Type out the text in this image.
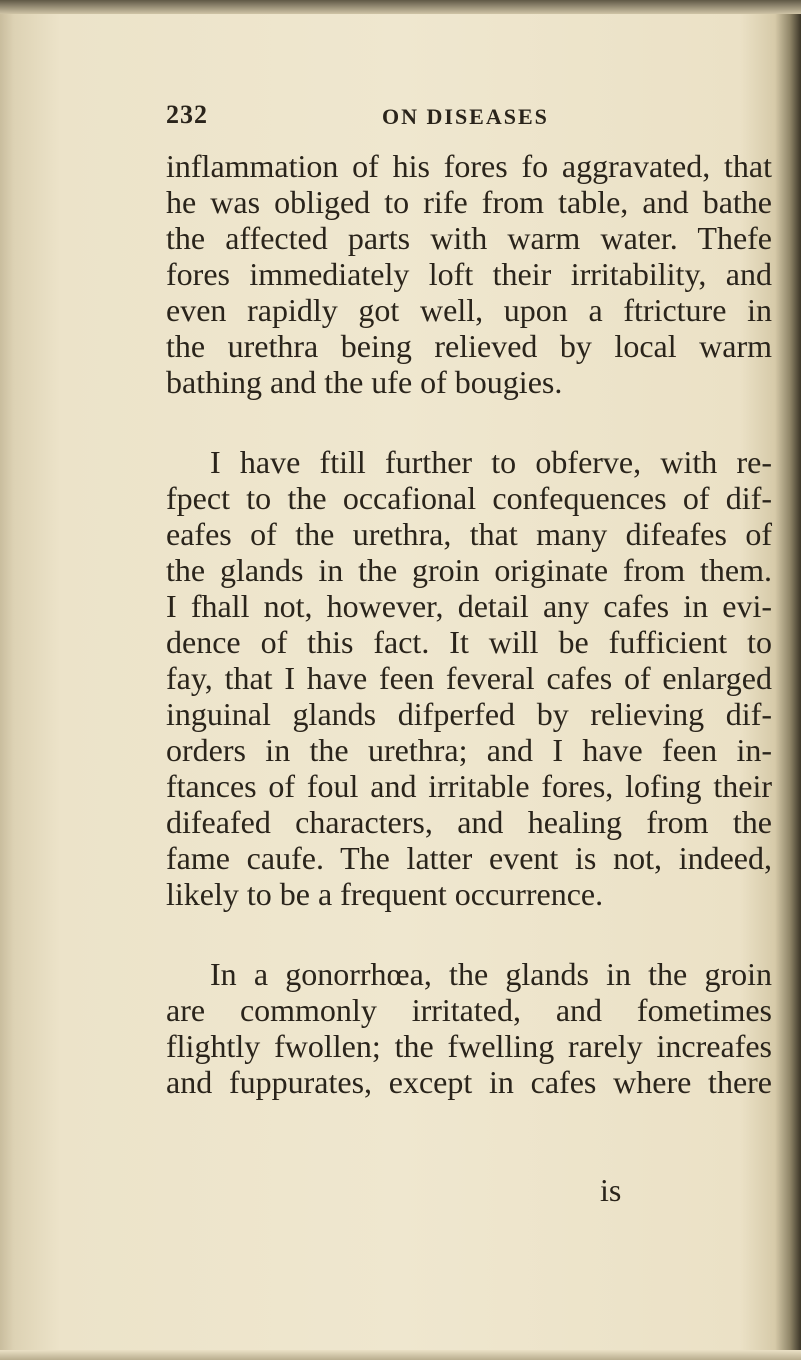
232	ON DISEASES
inflammation of his fores fo aggravated, that
he was obliged to rife from table, and bathe
the affected parts with warm water. Thefe
fores immediately loft their irritability, and
even rapidly got well, upon a ftricture in
the urethra being relieved by local warm
bathing and the ufe of bougies.
I have ftill further to obferve, with re-
fpect to the occafional confequences of dif-
eafes of the urethra, that many difeafes of
the glands in the groin originate from them.
I fhall not, however, detail any cafes in evi-
dence of this fact. It will be fufficient to
fay, that I have feen feveral cafes of enlarged
inguinal glands difperfed by relieving dif-
orders in the urethra; and I have feen in-
ftances of foul and irritable fores, lofing their
difeafed characters, and healing from the
fame caufe. The latter event is not, indeed,
likely to be a frequent occurrence.
In a gonorrhœa, the glands in the groin
are commonly irritated, and fometimes
flightly fwollen; the fwelling rarely increafes
and fuppurates, except in cafes where there
is
